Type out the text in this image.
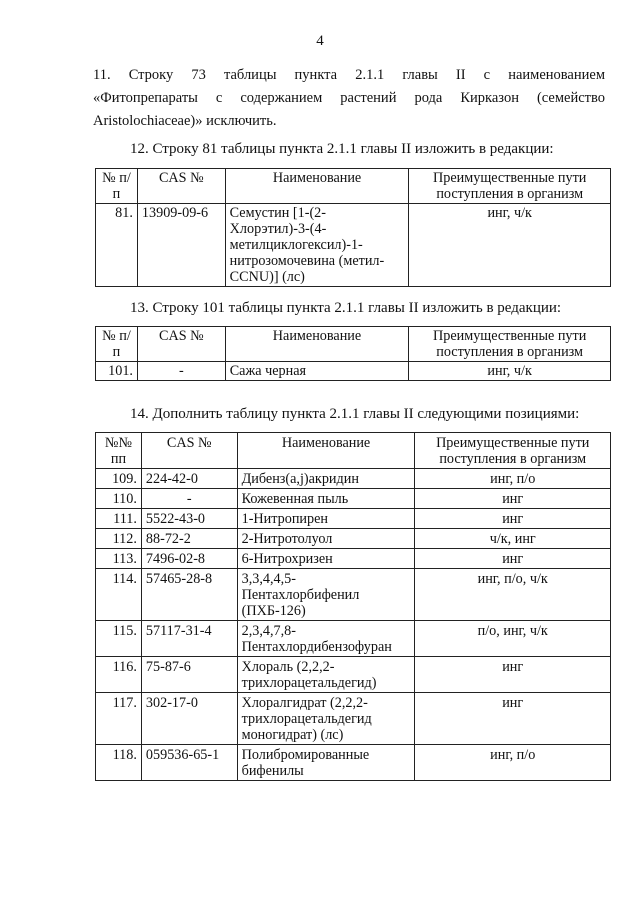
4
11. Строку 73 таблицы пункта 2.1.1 главы II с наименованием
«Фитопрепараты с содержанием растений рода Кирказон (семейство
Aristolochiaceae)» исключить.
12. Строку 81 таблицы пункта 2.1.1 главы II изложить в редакции:
№ п/п	CAS №	Наименование	Преимущественные пути поступления в организм
81.	13909-09-6	Семустин [1-(2-Хлорэтил)-3-(4-метилциклогексил)-1-нитрозомочевина (метил-CCNU)] (лс)	инг, ч/к
13. Строку 101 таблицы пункта 2.1.1 главы II изложить в редакции:
№ п/п	CAS №	Наименование	Преимущественные пути поступления в организм
101.	-	Сажа черная	инг, ч/к
14. Дополнить таблицу пункта 2.1.1 главы II следующими позициями:
№№ пп	CAS №	Наименование	Преимущественные пути поступления в организм
109.	224-42-0	Дибенз(a,j)акридин	инг, п/о
110.	-	Кожевенная пыль	инг
111.	5522-43-0	1-Нитропирен	инг
112.	88-72-2	2-Нитротолуол	ч/к, инг
113.	7496-02-8	6-Нитрохризен	инг
114.	57465-28-8	3,3,4,4,5-Пентахлорбифенил (ПХБ-126)	инг, п/о, ч/к
115.	57117-31-4	2,3,4,7,8-Пентахлордибензофуран	п/о, инг, ч/к
116.	75-87-6	Хлораль (2,2,2-трихлорацетальдегид)	инг
117.	302-17-0	Хлоралгидрат (2,2,2-трихлорацетальдегид моногидрат) (лс)	инг
118.	059536-65-1	Полибромированные бифенилы	инг, п/о
